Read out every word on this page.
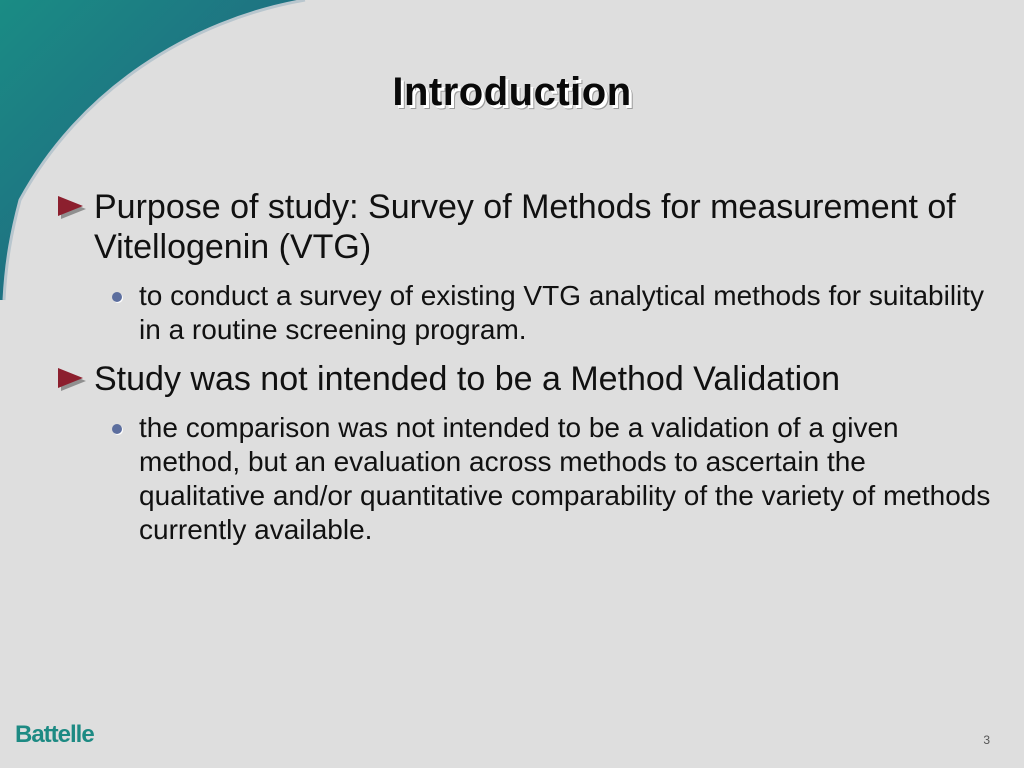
Introduction
Purpose of study: Survey of Methods for measurement of Vitellogenin (VTG)
to conduct a survey of existing VTG analytical methods for suitability in a routine screening program.
Study was not intended to be a Method Validation
the comparison was not intended to be a validation of a given method, but an evaluation across methods to ascertain the qualitative and/or quantitative comparability of the variety of methods currently available.
Battelle	3
